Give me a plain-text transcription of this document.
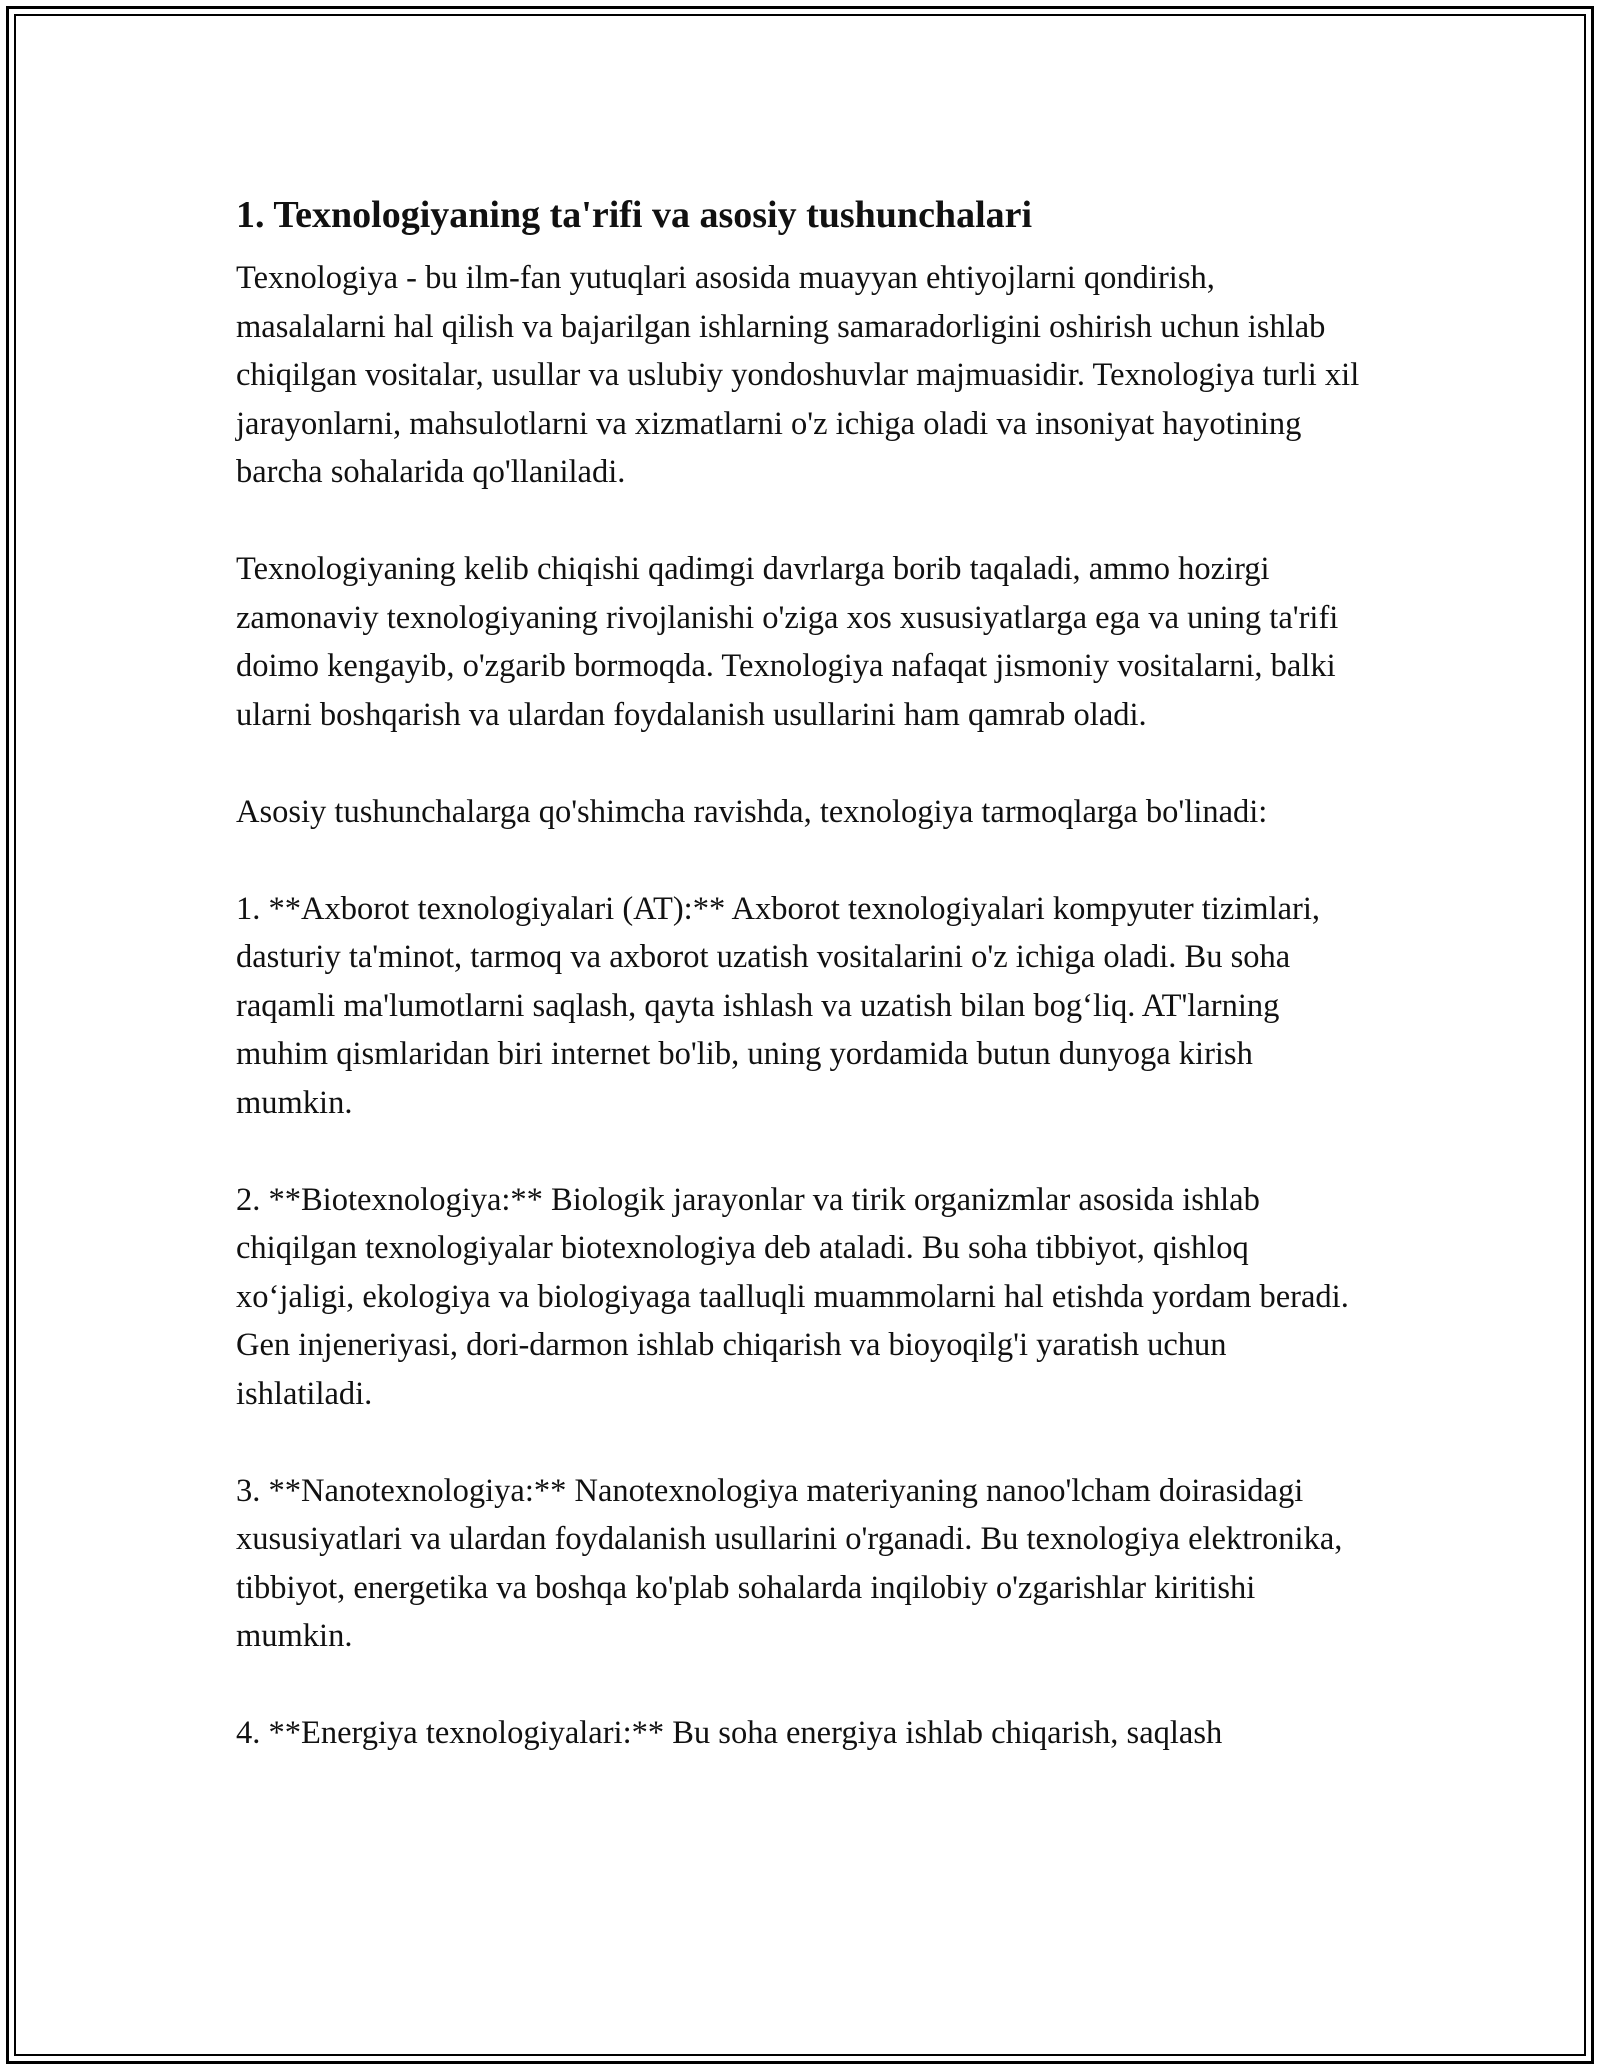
1. Texnologiyaning ta'rifi va asosiy tushunchalari

Texnologiya - bu ilm-fan yutuqlari asosida muayyan ehtiyojlarni qondirish, masalalarni hal qilish va bajarilgan ishlarning samaradorligini oshirish uchun ishlab chiqilgan vositalar, usullar va uslubiy yondoshuvlar majmuasidir. Texnologiya turli xil jarayonlarni, mahsulotlarni va xizmatlarni o'z ichiga oladi va insoniyat hayotining barcha sohalarida qo'llaniladi.

Texnologiyaning kelib chiqishi qadimgi davrlarga borib taqaladi, ammo hozirgi zamonaviy texnologiyaning rivojlanishi o'ziga xos xususiyatlarga ega va uning ta'rifi doimo kengayib, o'zgarib bormoqda. Texnologiya nafaqat jismoniy vositalarni, balki ularni boshqarish va ulardan foydalanish usullarini ham qamrab oladi.

Asosiy tushunchalarga qo'shimcha ravishda, texnologiya tarmoqlarga bo'linadi:

1. **Axborot texnologiyalari (AT):** Axborot texnologiyalari kompyuter tizimlari, dasturiy ta'minot, tarmoq va axborot uzatish vositalarini o'z ichiga oladi. Bu soha raqamli ma'lumotlarni saqlash, qayta ishlash va uzatish bilan bog‘liq. AT'larning muhim qismlaridan biri internet bo'lib, uning yordamida butun dunyoga kirish mumkin.

2. **Biotexnologiya:** Biologik jarayonlar va tirik organizmlar asosida ishlab chiqilgan texnologiyalar biotexnologiya deb ataladi. Bu soha tibbiyot, qishloq xo‘jaligi, ekologiya va biologiyaga taalluqli muammolarni hal etishda yordam beradi. Gen injeneriyasi, dori-darmon ishlab chiqarish va bioyoqilg'i yaratish uchun ishlatiladi.

3. **Nanotexnologiya:** Nanotexnologiya materiyaning nanoo'lcham doirasidagi xususiyatlari va ulardan foydalanish usullarini o'rganadi. Bu texnologiya elektronika, tibbiyot, energetika va boshqa ko'plab sohalarda inqilobiy o'zgarishlar kiritishi mumkin.

4. **Energiya texnologiyalari:** Bu soha energiya ishlab chiqarish, saqlash
